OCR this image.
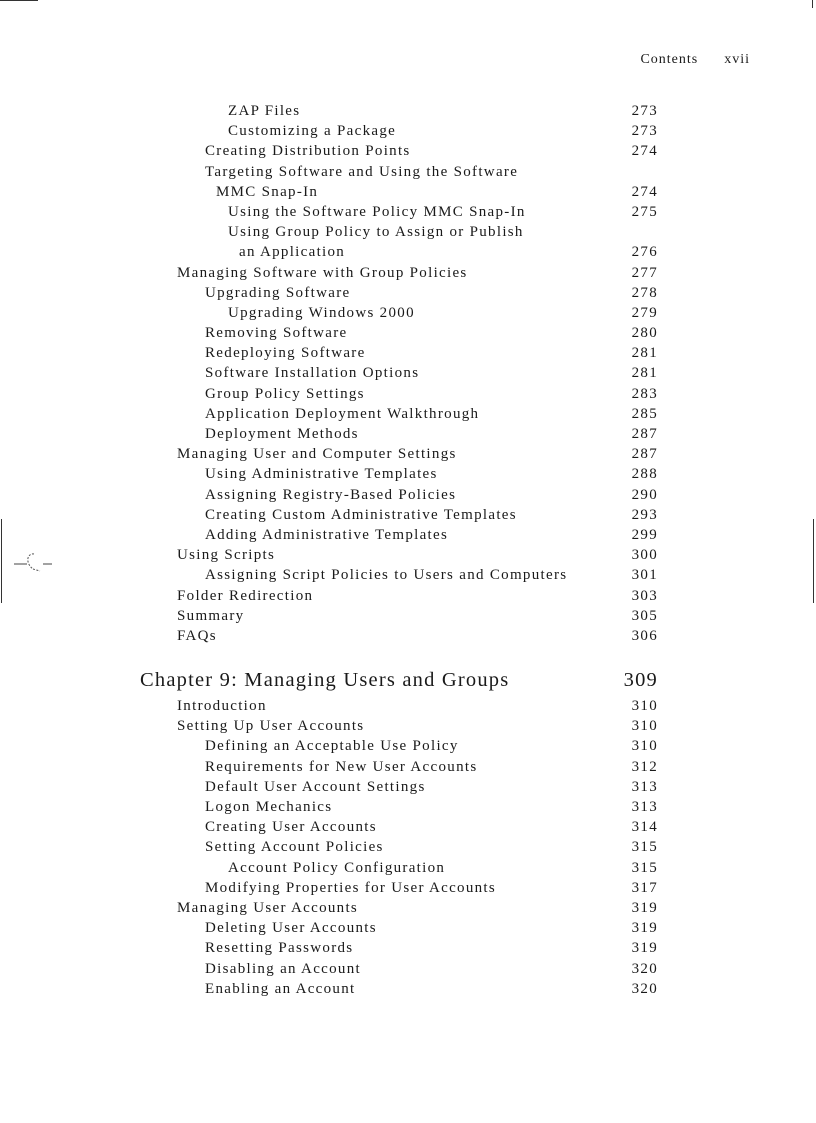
Contents xvii
ZAP Files	273
Customizing a Package	273
Creating Distribution Points	274
Targeting Software and Using the Software
MMC Snap-In	274
Using the Software Policy MMC Snap-In	275
Using Group Policy to Assign or Publish
an Application	276
Managing Software with Group Policies	277
Upgrading Software	278
Upgrading Windows 2000	279
Removing Software	280
Redeploying Software	281
Software Installation Options	281
Group Policy Settings	283
Application Deployment Walkthrough	285
Deployment Methods	287
Managing User and Computer Settings	287
Using Administrative Templates	288
Assigning Registry-Based Policies	290
Creating Custom Administrative Templates	293
Adding Administrative Templates	299
Using Scripts	300
Assigning Script Policies to Users and Computers	301
Folder Redirection	303
Summary	305
FAQs	306
Chapter 9: Managing Users and Groups	309
Introduction	310
Setting Up User Accounts	310
Defining an Acceptable Use Policy	310
Requirements for New User Accounts	312
Default User Account Settings	313
Logon Mechanics	313
Creating User Accounts	314
Setting Account Policies	315
Account Policy Configuration	315
Modifying Properties for User Accounts	317
Managing User Accounts	319
Deleting User Accounts	319
Resetting Passwords	319
Disabling an Account	320
Enabling an Account	320
